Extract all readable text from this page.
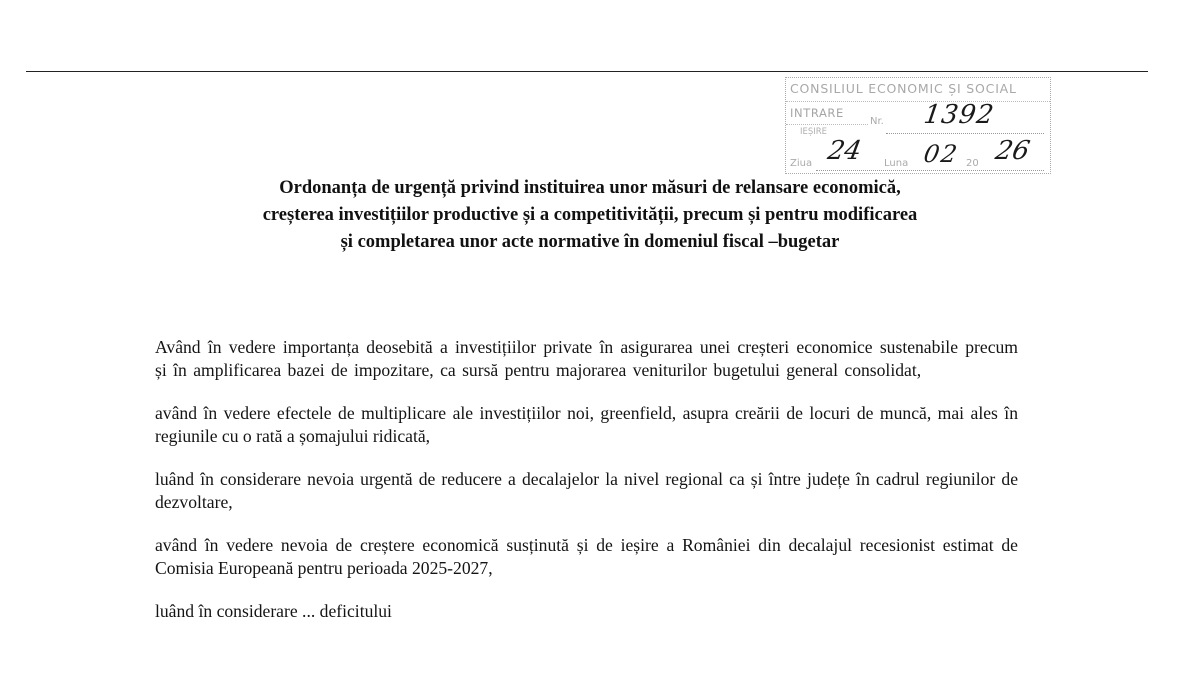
CONSILIUL ECONOMIC ȘI SOCIAL
INTRARE
IEȘIRE
Nr. 1392
Ziua 24 Luna 02 20 26
Ordonanța de urgență privind instituirea unor măsuri de relansare economică,
creșterea investițiilor productive și a competitivității, precum și pentru modificarea
și completarea unor acte normative în domeniul fiscal –bugetar

Având în vedere importanța deosebită a investițiilor private în asigurarea unei creșteri economice sustenabile precum și în amplificarea bazei de impozitare, ca sursă pentru majorarea veniturilor bugetului general consolidat,

având în vedere efectele de multiplicare ale investițiilor noi, greenfield, asupra creării de locuri de muncă, mai ales în regiunile cu o rată a șomajului ridicată,

luând în considerare nevoia urgentă de reducere a decalajelor la nivel regional ca și între județe în cadrul regiunilor de dezvoltare,

având în vedere nevoia de creștere economică susținută și de ieșire a României din decalajul recesionist estimat de Comisia Europeană pentru perioada 2025-2027,

luând în considerare ... deficitului
